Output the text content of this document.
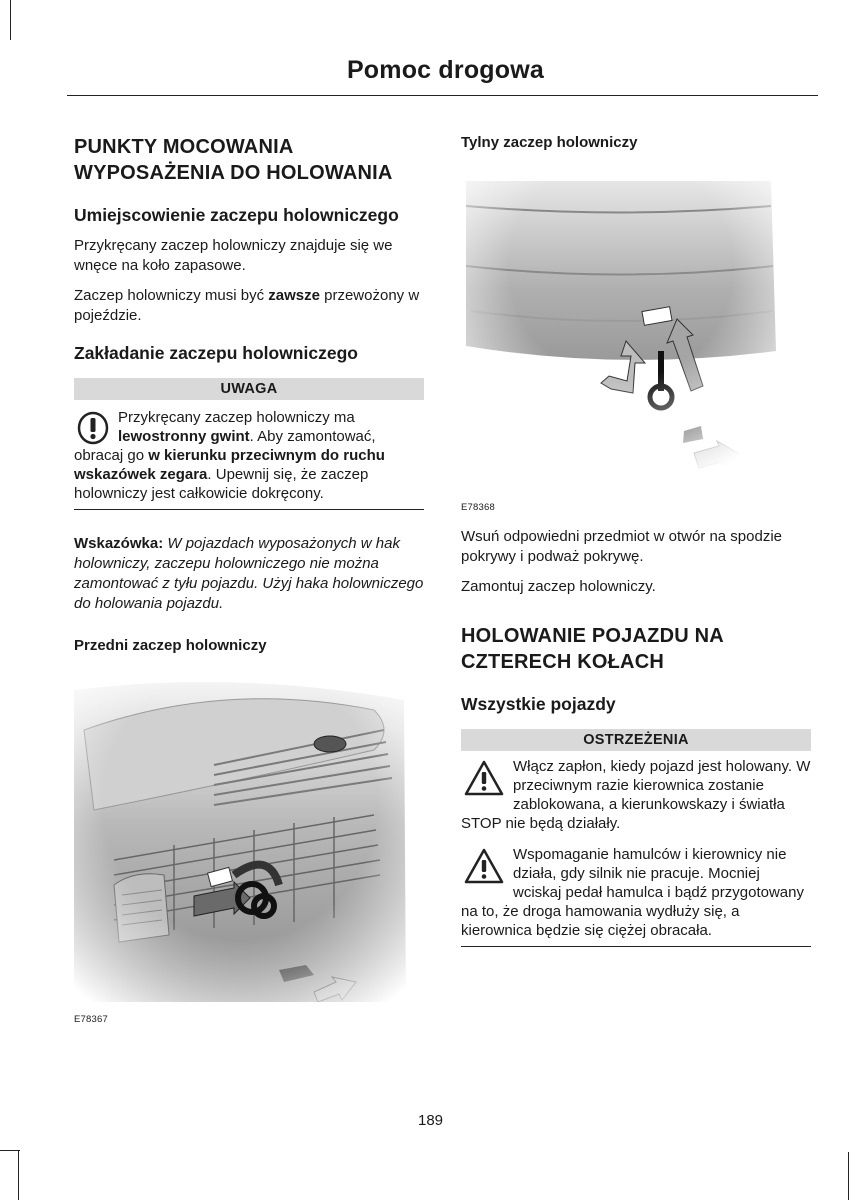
Pomoc drogowa
PUNKTY MOCOWANIA WYPOSAŻENIA DO HOLOWANIA
Umiejscowienie zaczepu holowniczego

Przykręcany zaczep holowniczy znajduje się we wnęce na koło zapasowe.

Zaczep holowniczy musi być zawsze przewożony w pojeździe.

Zakładanie zaczepu holowniczego
UWAGA
Przykręcany zaczep holowniczy ma lewostronny gwint. Aby zamontować, obracaj go w kierunku przeciwnym do ruchu wskazówek zegara. Upewnij się, że zaczep holowniczy jest całkowicie dokręcony.

Wskazówka: W pojazdach wyposażonych w hak holowniczy, zaczepu holowniczego nie można zamontować z tyłu pojazdu. Użyj haka holowniczego do holowania pojazdu.

Przedni zaczep holowniczy
E78367
Tylny zaczep holowniczy
E78368

Wsuń odpowiedni przedmiot w otwór na spodzie pokrywy i podważ pokrywę.

Zamontuj zaczep holowniczy.

HOLOWANIE POJAZDU NA CZTERECH KOŁACH
Wszystkie pojazdy
OSTRZEŻENIA
Włącz zapłon, kiedy pojazd jest holowany. W przeciwnym razie kierownica zostanie zablokowana, a kierunkowskazy i światła STOP nie będą działały.
Wspomaganie hamulców i kierownicy nie działa, gdy silnik nie pracuje. Mocniej wciskaj pedał hamulca i bądź przygotowany na to, że droga hamowania wydłuży się, a kierownica będzie się ciężej obracała.
189
